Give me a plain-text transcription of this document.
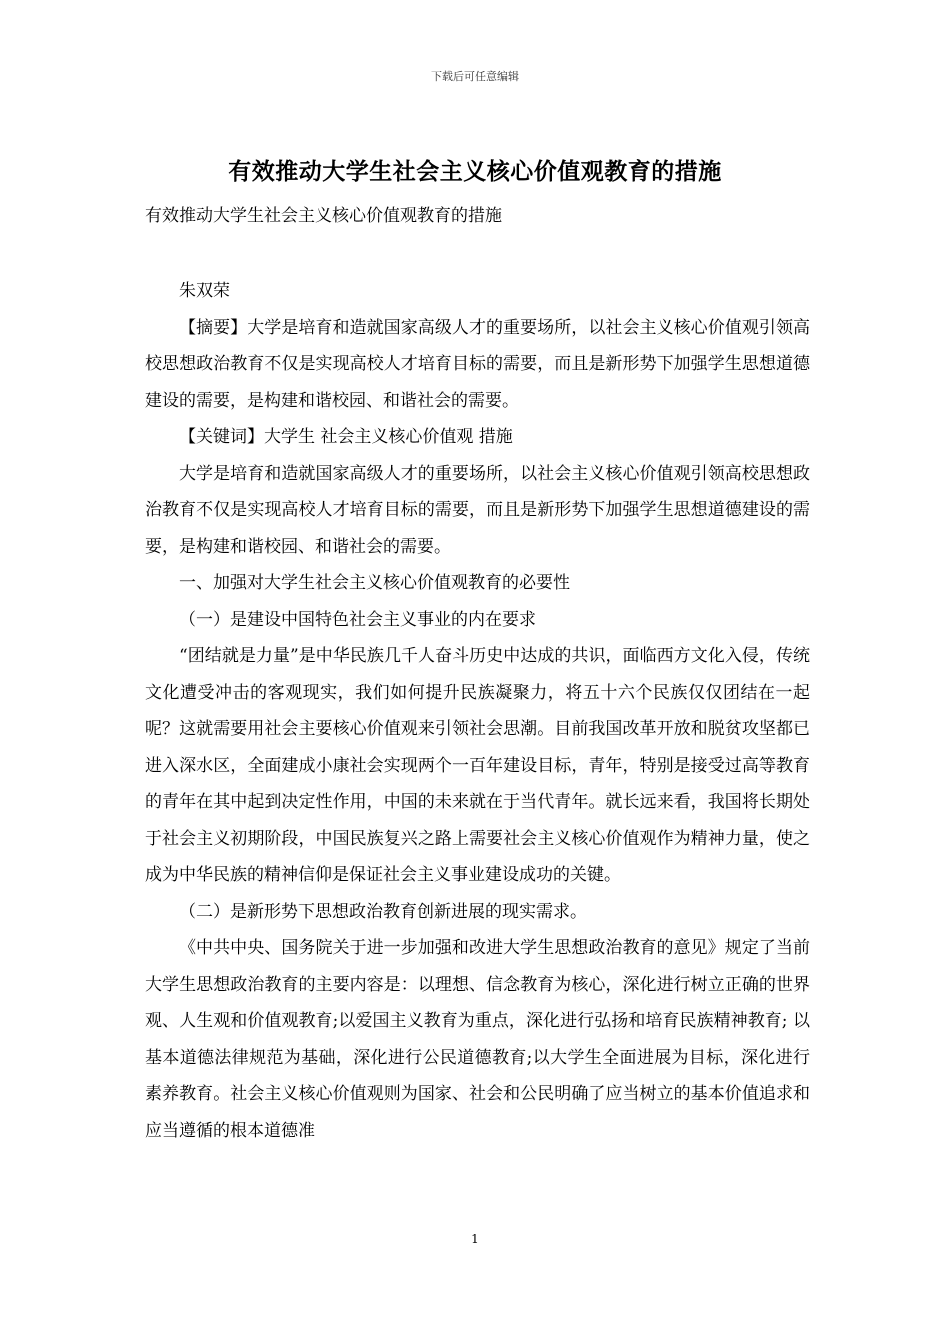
下载后可任意编辑
有效推动大学生社会主义核心价值观教育的措施
有效推动大学生社会主义核心价值观教育的措施

朱双荣

【摘要】大学是培育和造就国家高级人才的重要场所，以社会主义核心价值观引领高校思想政治教育不仅是实现高校人才培育目标的需要，而且是新形势下加强学生思想道德建设的需要，是构建和谐校园、和谐社会的需要。

【关键词】大学生 社会主义核心价值观 措施

大学是培育和造就国家高级人才的重要场所，以社会主义核心价值观引领高校思想政治教育不仅是实现高校人才培育目标的需要，而且是新形势下加强学生思想道德建设的需要，是构建和谐校园、和谐社会的需要。

一、加强对大学生社会主义核心价值观教育的必要性

（一）是建设中国特色社会主义事业的内在要求

“团结就是力量”是中华民族几千人奋斗历史中达成的共识，面临西方文化入侵，传统文化遭受冲击的客观现实，我们如何提升民族凝聚力，将五十六个民族仅仅团结在一起呢？这就需要用社会主要核心价值观来引领社会思潮。目前我国改革开放和脱贫攻坚都已进入深水区，全面建成小康社会实现两个一百年建设目标，青年，特别是接受过高等教育的青年在其中起到决定性作用，中国的未来就在于当代青年。就长远来看，我国将长期处于社会主义初期阶段，中国民族复兴之路上需要社会主义核心价值观作为精神力量，使之成为中华民族的精神信仰是保证社会主义事业建设成功的关键。

（二）是新形势下思想政治教育创新进展的现实需求。

《中共中央、国务院关于进一步加强和改进大学生思想政治教育的意见》规定了当前大学生思想政治教育的主要内容是：以理想、信念教育为核心，深化进行树立正确的世界观、人生观和价值观教育;以爱国主义教育为重点，深化进行弘扬和培育民族精神教育; 以基本道德法律规范为基础，深化进行公民道德教育;以大学生全面进展为目标，深化进行素养教育。社会主义核心价值观则为国家、社会和公民明确了应当树立的基本价值追求和应当遵循的根本道德准

1
